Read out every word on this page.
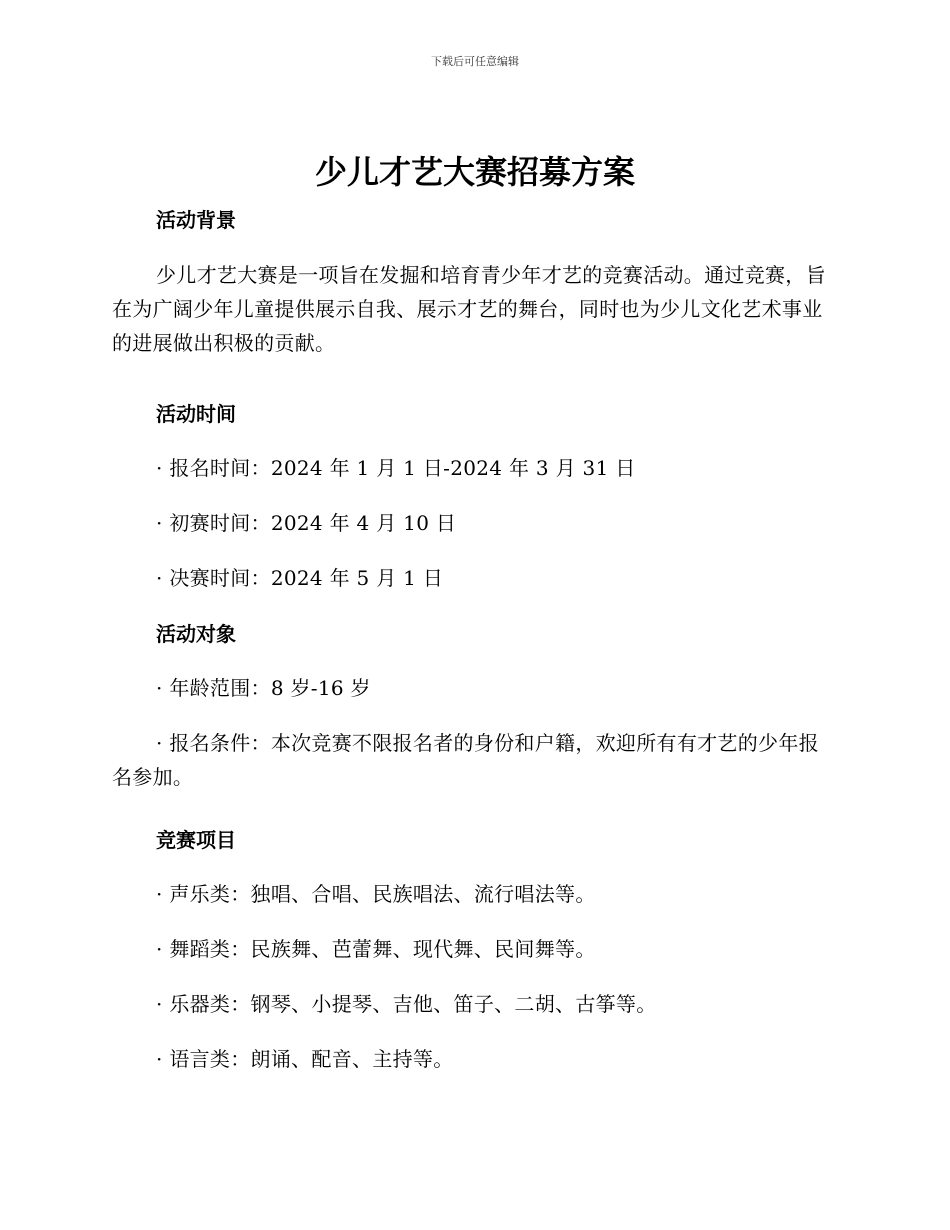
下载后可任意编辑
少儿才艺大赛招募方案
活动背景
少儿才艺大赛是一项旨在发掘和培育青少年才艺的竞赛活动。通过竞赛，旨在为广阔少年儿童提供展示自我、展示才艺的舞台，同时也为少儿文化艺术事业的进展做出积极的贡献。
活动时间
· 报名时间：2024 年 1 月 1 日-2024 年 3 月 31 日
· 初赛时间：2024 年 4 月 10 日
· 决赛时间：2024 年 5 月 1 日
活动对象
· 年龄范围：8 岁-16 岁
· 报名条件：本次竞赛不限报名者的身份和户籍，欢迎所有有才艺的少年报名参加。
竞赛项目
· 声乐类：独唱、合唱、民族唱法、流行唱法等。
· 舞蹈类：民族舞、芭蕾舞、现代舞、民间舞等。
· 乐器类：钢琴、小提琴、吉他、笛子、二胡、古筝等。
· 语言类：朗诵、配音、主持等。
